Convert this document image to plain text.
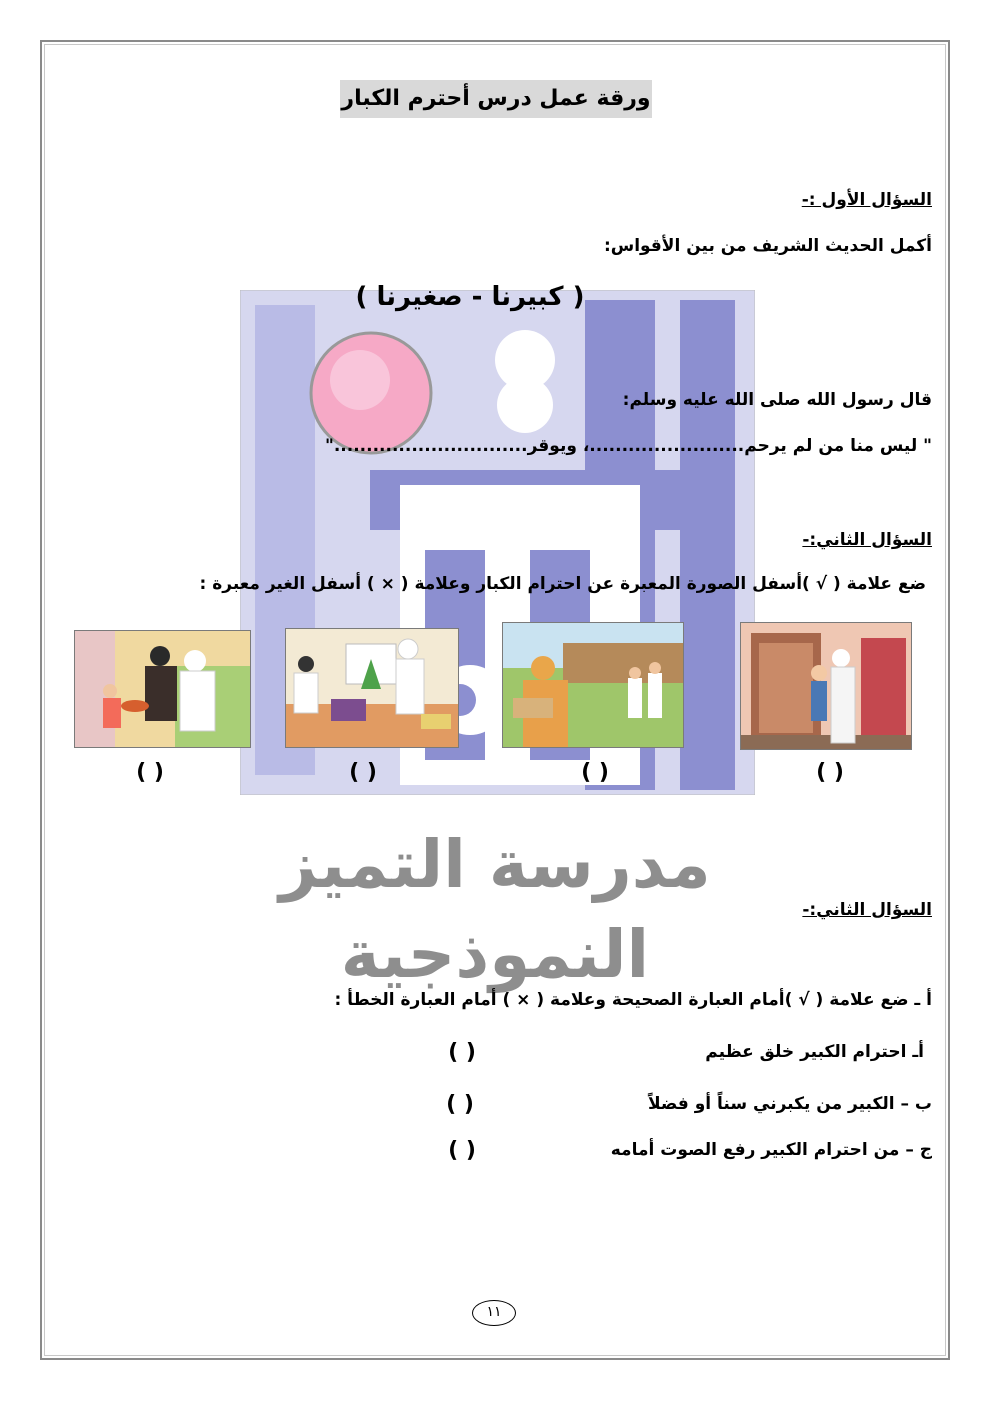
ورقة عمل درس أحترم الكبار
السؤال الأول :-
أكمل الحديث الشريف من بين الأقواس:
( كبيرنا - صغيرنا )
قال رسول الله صلى الله عليه وسلم:
" ليس منا من لم يرحم........................، ويوقر.............................."
السؤال الثاني:-
ضع علامة ( √ )أسفل الصورة المعبرة عن احترام الكبار وعلامة ( × ) أسفل الغير معبرة :
( )
( )
( )
( )
مدرسة التميز النموذجية
السؤال الثاني:-
أ ـ ضع علامة ( √ )أمام العبارة الصحيحة وعلامة ( × ) أمام العبارة الخطأ :
أـ احترام الكبير خلق عظيم
( )
ب – الكبير من يكبرني سناً أو فضلاً
( )
ج – من احترام الكبير رفع الصوت أمامه
( )
١١
